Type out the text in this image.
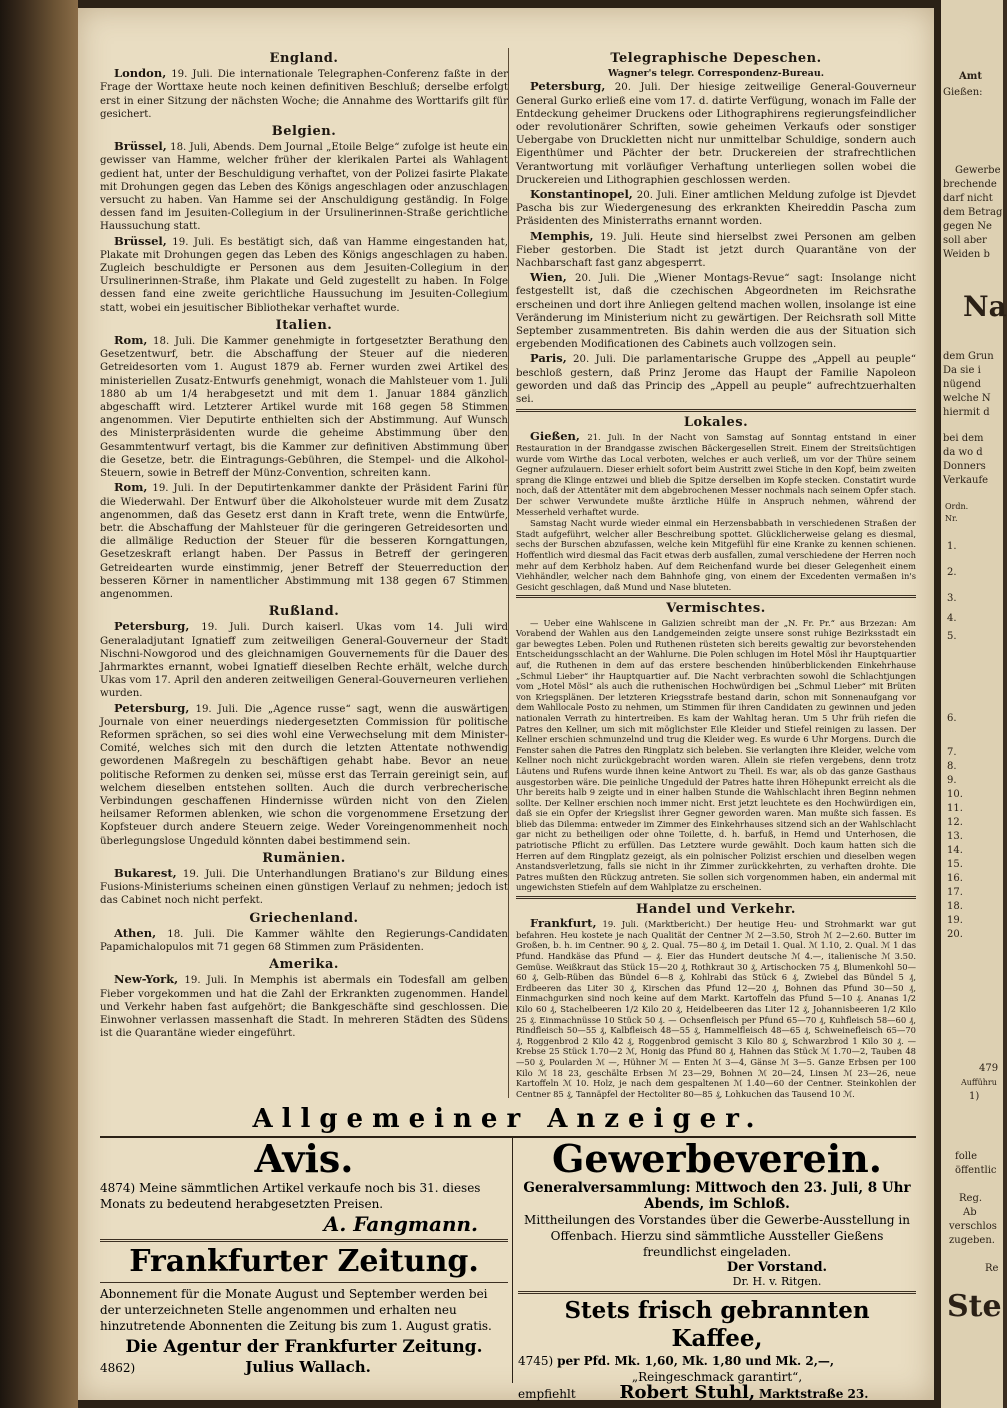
England.
London, 19. Juli. Die internationale Telegraphen-Conferenz faßte in der Frage der Worttaxe heute noch keinen definitiven Beschluß; derselbe erfolgt erst in einer Sitzung der nächsten Woche; die Annahme des Worttarifs gilt für gesichert.
Belgien.
Brüssel, 18. Juli, Abends. Dem Journal „Etoile Belge“ zufolge ist heute ein gewisser van Hamme, welcher früher der klerikalen Partei als Wahlagent gedient hat, unter der Beschuldigung verhaftet, von der Polizei fasirte Plakate mit Drohungen gegen das Leben des Königs angeschlagen oder anzuschlagen versucht zu haben. Van Hamme sei der Anschuldigung geständig. In Folge dessen fand im Jesuiten-Collegium in der Ursulinerinnen-Straße gerichtliche Haussuchung statt.
Brüssel, 19. Juli. Es bestätigt sich, daß van Hamme eingestanden hat, Plakate mit Drohungen gegen das Leben des Königs angeschlagen zu haben. Zugleich beschuldigte er Personen aus dem Jesuiten-Collegium in der Ursulinerinnen-Straße, ihm Plakate und Geld zugestellt zu haben. In Folge dessen fand eine zweite gerichtliche Haussuchung im Jesuiten-Collegium statt, wobei ein jesuitischer Bibliothekar verhaftet wurde.
Italien.
Rom, 18. Juli. Die Kammer genehmigte in fortgesetzter Berathung den Gesetzentwurf, betr. die Abschaffung der Steuer auf die niederen Getreidesorten vom 1. August 1879 ab. Ferner wurden zwei Artikel des ministeriellen Zusatz-Entwurfs genehmigt, wonach die Mahlsteuer vom 1. Juli 1880 ab um 1/4 herabgesetzt und mit dem 1. Januar 1884 gänzlich abgeschafft wird. Letzterer Artikel wurde mit 168 gegen 58 Stimmen angenommen. Vier Deputirte enthielten sich der Abstimmung. Auf Wunsch des Ministerpräsidenten wurde die geheime Abstimmung über den Gesammtentwurf vertagt, bis die Kammer zur definitiven Abstimmung über die Gesetze, betr. die Eintragungs-Gebühren, die Stempel- und die Alkohol-Steuern, sowie in Betreff der Münz-Convention, schreiten kann.
Rom, 19. Juli. In der Deputirtenkammer dankte der Präsident Farini für die Wiederwahl. Der Entwurf über die Alkoholsteuer wurde mit dem Zusatz angenommen, daß das Gesetz erst dann in Kraft trete, wenn die Entwürfe, betr. die Abschaffung der Mahlsteuer für die geringeren Getreidesorten und die allmälige Reduction der Steuer für die besseren Korngattungen, Gesetzeskraft erlangt haben. Der Passus in Betreff der geringeren Getreidearten wurde einstimmig, jener Betreff der Steuerreduction der besseren Körner in namentlicher Abstimmung mit 138 gegen 67 Stimmen angenommen.
Rußland.
Petersburg, 19. Juli. Durch kaiserl. Ukas vom 14. Juli wird Generaladjutant Ignatieff zum zeitweiligen General-Gouverneur der Stadt Nischni-Nowgorod und des gleichnamigen Gouvernements für die Dauer des Jahrmarktes ernannt, wobei Ignatieff dieselben Rechte erhält, welche durch Ukas vom 17. April den anderen zeitweiligen General-Gouverneuren verliehen wurden.
Petersburg, 19. Juli. Die „Agence russe“ sagt, wenn die auswärtigen Journale von einer neuerdings niedergesetzten Commission für politische Reformen sprächen, so sei dies wohl eine Verwechselung mit dem Minister-Comité, welches sich mit den durch die letzten Attentate nothwendig gewordenen Maßregeln zu beschäftigen gehabt habe. Bevor an neue politische Reformen zu denken sei, müsse erst das Terrain gereinigt sein, auf welchem dieselben entstehen sollten. Auch die durch verbrecherische Verbindungen geschaffenen Hindernisse würden nicht von den Zielen heilsamer Reformen ablenken, wie schon die vorgenommene Ersetzung der Kopfsteuer durch andere Steuern zeige. Weder Voreingenommenheit noch überlegungslose Ungeduld könnten dabei bestimmend sein.
Rumänien.
Bukarest, 19. Juli. Die Unterhandlungen Bratiano's zur Bildung eines Fusions-Ministeriums scheinen einen günstigen Verlauf zu nehmen; jedoch ist das Cabinet noch nicht perfekt.
Griechenland.
Athen, 18. Juli. Die Kammer wählte den Regierungs-Candidaten Papamichalopulos mit 71 gegen 68 Stimmen zum Präsidenten.
Amerika.
New-York, 19. Juli. In Memphis ist abermals ein Todesfall am gelben Fieber vorgekommen und hat die Zahl der Erkrankten zugenommen. Handel und Verkehr haben fast aufgehört; die Bankgeschäfte sind geschlossen. Die Einwohner verlassen massenhaft die Stadt. In mehreren Städten des Südens ist die Quarantäne wieder eingeführt.
Telegraphische Depeschen.
Wagner's telegr. Correspondenz-Bureau.
Petersburg, 20. Juli. Der hiesige zeitweilige General-Gouverneur General Gurko erließ eine vom 17. d. datirte Verfügung, wonach im Falle der Entdeckung geheimer Druckens oder Lithographirens regierungsfeindlicher oder revolutionärer Schriften, sowie geheimen Verkaufs oder sonstiger Uebergabe von Druckletten nicht nur unmittelbar Schuldige, sondern auch Eigenthümer und Pächter der betr. Druckereien der strafrechtlichen Verantwortung mit vorläufiger Verhaftung unterliegen sollen wobei die Druckereien und Lithographien geschlossen werden.
Konstantinopel, 20. Juli. Einer amtlichen Meldung zufolge ist Djevdet Pascha bis zur Wiedergenesung des erkrankten Kheireddin Pascha zum Präsidenten des Ministerraths ernannt worden.
Memphis, 19. Juli. Heute sind hierselbst zwei Personen am gelben Fieber gestorben. Die Stadt ist jetzt durch Quarantäne von der Nachbarschaft fast ganz abgesperrt.
Wien, 20. Juli. Die „Wiener Montags-Revue“ sagt: Insolange nicht festgestellt ist, daß die czechischen Abgeordneten im Reichsrathe erscheinen und dort ihre Anliegen geltend machen wollen, insolange ist eine Veränderung im Ministerium nicht zu gewärtigen. Der Reichsrath soll Mitte September zusammentreten. Bis dahin werden die aus der Situation sich ergebenden Modificationen des Cabinets auch vollzogen sein.
Paris, 20. Juli. Die parlamentarische Gruppe des „Appell au peuple“ beschloß gestern, daß Prinz Jerome das Haupt der Familie Napoleon geworden und daß das Princip des „Appell au peuple“ aufrechtzuerhalten sei.
Lokales.
Gießen, 21. Juli. In der Nacht von Samstag auf Sonntag entstand in einer Restauration in der Brandgasse zwischen Bäckergesellen Streit. Einem der Streitsüchtigen wurde vom Wirthe das Local verboten, welches er auch verließ, um vor der Thüre seinem Gegner aufzulauern. Dieser erhielt sofort beim Austritt zwei Stiche in den Kopf, beim zweiten sprang die Klinge entzwei und blieb die Spitze derselben im Kopfe stecken. Constatirt wurde noch, daß der Attentäter mit dem abgebrochenen Messer nochmals nach seinem Opfer stach. Der schwer Verwundete mußte ärztliche Hülfe in Anspruch nehmen, während der Messerheld verhaftet wurde.
Samstag Nacht wurde wieder einmal ein Herzensbabbath in verschiedenen Straßen der Stadt aufgeführt, welcher aller Beschreibung spottet. Glücklicherweise gelang es diesmal, sechs der Burschen abzufassen, welche kein Mitgefühl für eine Kranke zu kennen schienen. Hoffentlich wird diesmal das Facit etwas derb ausfallen, zumal verschiedene der Herren noch mehr auf dem Kerbholz haben. Auf dem Reichenfand wurde bei dieser Gelegenheit einem Viehhändler, welcher nach dem Bahnhofe ging, von einem der Excedenten vermaßen in's Gesicht geschlagen, daß Mund und Nase bluteten.
Vermischtes.
— Ueber eine Wahlscene in Galizien schreibt man der „N. Fr. Pr.“ aus Brzezan: Am Vorabend der Wahlen aus den Landgemeinden zeigte unsere sonst ruhige Bezirksstadt ein gar bewegtes Leben. Polen und Ruthenen rüsteten sich bereits gewaltig zur bevorstehenden Entscheidungsschlacht an der Wahlurne. Die Polen schlugen im Hotel Mösl ihr Hauptquartier auf, die Ruthenen in dem auf das erstere beschenden hinüberblickenden Einkehrhause „Schmul Lieber“ ihr Hauptquartier auf. Die Nacht verbrachten sowohl die Schlachtjungen vom „Hotel Mösl“ als auch die ruthenischen Hochwürdigen bei „Schmul Lieber“ mit Brüten von Kriegsplänen. Der letzteren Kriegsstrafe bestand darin, schon mit Sonnenaufgang vor dem Wahllocale Posto zu nehmen, um Stimmen für ihren Candidaten zu gewinnen und jeden nationalen Verrath zu hintertreiben. Es kam der Wahltag heran. Um 5 Uhr früh riefen die Patres den Kellner, um sich mit möglichster Eile Kleider und Stiefel reinigen zu lassen. Der Kellner erschien schmunzelnd und trug die Kleider weg. Es wurde 6 Uhr Morgens. Durch die Fenster sahen die Patres den Ringplatz sich beleben. Sie verlangten ihre Kleider, welche vom Kellner noch nicht zurückgebracht worden waren. Allein sie riefen vergebens, denn trotz Läutens und Rufens wurde ihnen keine Antwort zu Theil. Es war, als ob das ganze Gasthaus ausgestorben wäre. Die peinliche Ungeduld der Patres hatte ihren Höhepunkt erreicht als die Uhr bereits halb 9 zeigte und in einer halben Stunde die Wahlschlacht ihren Beginn nehmen sollte. Der Kellner erschien noch immer nicht. Erst jetzt leuchtete es den Hochwürdigen ein, daß sie ein Opfer der Kriegslist ihrer Gegner geworden waren. Man mußte sich fassen. Es blieb das Dilemma: entweder im Zimmer des Einkehrhauses sitzend sich an der Wahlschlacht gar nicht zu betheiligen oder ohne Toilette, d. h. barfuß, in Hemd und Unterhosen, die patriotische Pflicht zu erfüllen. Das Letztere wurde gewählt. Doch kaum hatten sich die Herren auf dem Ringplatz gezeigt, als ein polnischer Polizist erschien und dieselben wegen Anstandsverletzung, falls sie nicht in ihr Zimmer zurückkehrten, zu verhaften drohte. Die Patres mußten den Rückzug antreten. Sie sollen sich vorgenommen haben, ein andermal mit ungewichsten Stiefeln auf dem Wahlplatze zu erscheinen.
Handel und Verkehr.
Frankfurt, 19. Juli. (Marktbericht.) Der heutige Heu- und Strohmarkt war gut befahren. Heu kostete je nach Qualität der Centner ℳ 2—3.50, Stroh ℳ 2—2.60. Butter im Großen, b. h. im Centner. 90 ₰, 2. Qual. 75—80 ₰, im Detail 1. Qual. ℳ 1.10, 2. Qual. ℳ 1 das Pfund. Handkäse das Pfund — ₰. Eier das Hundert deutsche ℳ 4.—, italienische ℳ 3.50. Gemüse. Weißkraut das Stück 15—20 ₰, Rothkraut 30 ₰, Artischocken 75 ₰, Blumenkohl 50—60 ₰, Gelb-Rüben das Bündel 6—8 ₰, Kohlrabi das Stück 6 ₰, Zwiebel das Bündel 5 ₰, Erdbeeren das Liter 30 ₰, Kirschen das Pfund 12—20 ₰, Bohnen das Pfund 30—50 ₰, Einmachgurken sind noch keine auf dem Markt. Kartoffeln das Pfund 5—10 ₰. Ananas 1/2 Kilo 60 ₰, Stachelbeeren 1/2 Kilo 20 ₰, Heidelbeeren das Liter 12 ₰, Johannisbeeren 1/2 Kilo 25 ₰. Einmachnüsse 10 Stück 50 ₰. — Ochsenfleisch per Pfund 65—70 ₰, Kuhfleisch 58—60 ₰, Rindfleisch 50—55 ₰, Kalbfleisch 48—55 ₰, Hammelfleisch 48—65 ₰, Schweinefleisch 65—70 ₰, Roggenbrod 2 Kilo 42 ₰, Roggenbrod gemischt 3 Kilo 80 ₰, Schwarzbrod 1 Kilo 30 ₰. — Krebse 25 Stück 1.70—2 ℳ, Honig das Pfund 80 ₰, Hahnen das Stück ℳ 1.70—2, Tauben 48—50 ₰, Poularden ℳ —, Hühner ℳ — Enten ℳ 3—4, Gänse ℳ 3—5. Ganze Erbsen per 100 Kilo ℳ 18 23, geschälte Erbsen ℳ 23—29, Bohnen ℳ 20—24, Linsen ℳ 23—26, neue Kartoffeln ℳ 10. Holz, je nach dem gespaltenen ℳ 1.40—60 der Centner. Steinkohlen der Centner 85 ₰, Tannäpfel der Hectoliter 80—85 ₰, Lohkuchen das Tausend 10 ℳ.
Allgemeiner Anzeiger.
Avis.
4874) Meine sämmtlichen Artikel verkaufe noch bis 31. dieses Monats zu bedeutend herabgesetzten Preisen.
A. Fangmann.
Frankfurter Zeitung.
Abonnement für die Monate August und September werden bei der unterzeichneten Stelle angenommen und erhalten neu hinzutretende Abonnenten die Zeitung bis zum 1. August gratis.
Die Agentur der Frankfurter Zeitung.
4862)	Julius Wallach.
Gewerbeverein.
Generalversammlung: Mittwoch den 23. Juli, 8 Uhr Abends, im Schloß.
Mittheilungen des Vorstandes über die Gewerbe-Ausstellung in Offenbach. Hierzu sind sämmtliche Aussteller Gießens freundlichst eingeladen.
Der Vorstand.
Dr. H. v. Ritgen.
Stets frisch gebrannten Kaffee,
4745) per Pfd. Mk. 1,60, Mk. 1,80 und Mk. 2,—,
„Reingeschmack garantirt“,
empfiehlt Robert Stuhl, Marktstraße 23.
Amt
Gießen:
Gewerbe
brechende
darf nicht
dem Betrag
gegen Ne
soll aber
Weiden b
Na
dem Grun
Da sie i
nügend
welche N
hiermit d
bei dem
da wo d
Donners
Verkaufe
Ordn.
Nr.
1.
2.
3.
4.
5.
6.
7.
8.
9.
10.
11.
12.
13.
14.
15.
16.
17.
18.
19.
20.
479
Aufführu
1)
folle
öffentlic
Reg.
Ab
verschlos
zugeben.
Re
Ste
